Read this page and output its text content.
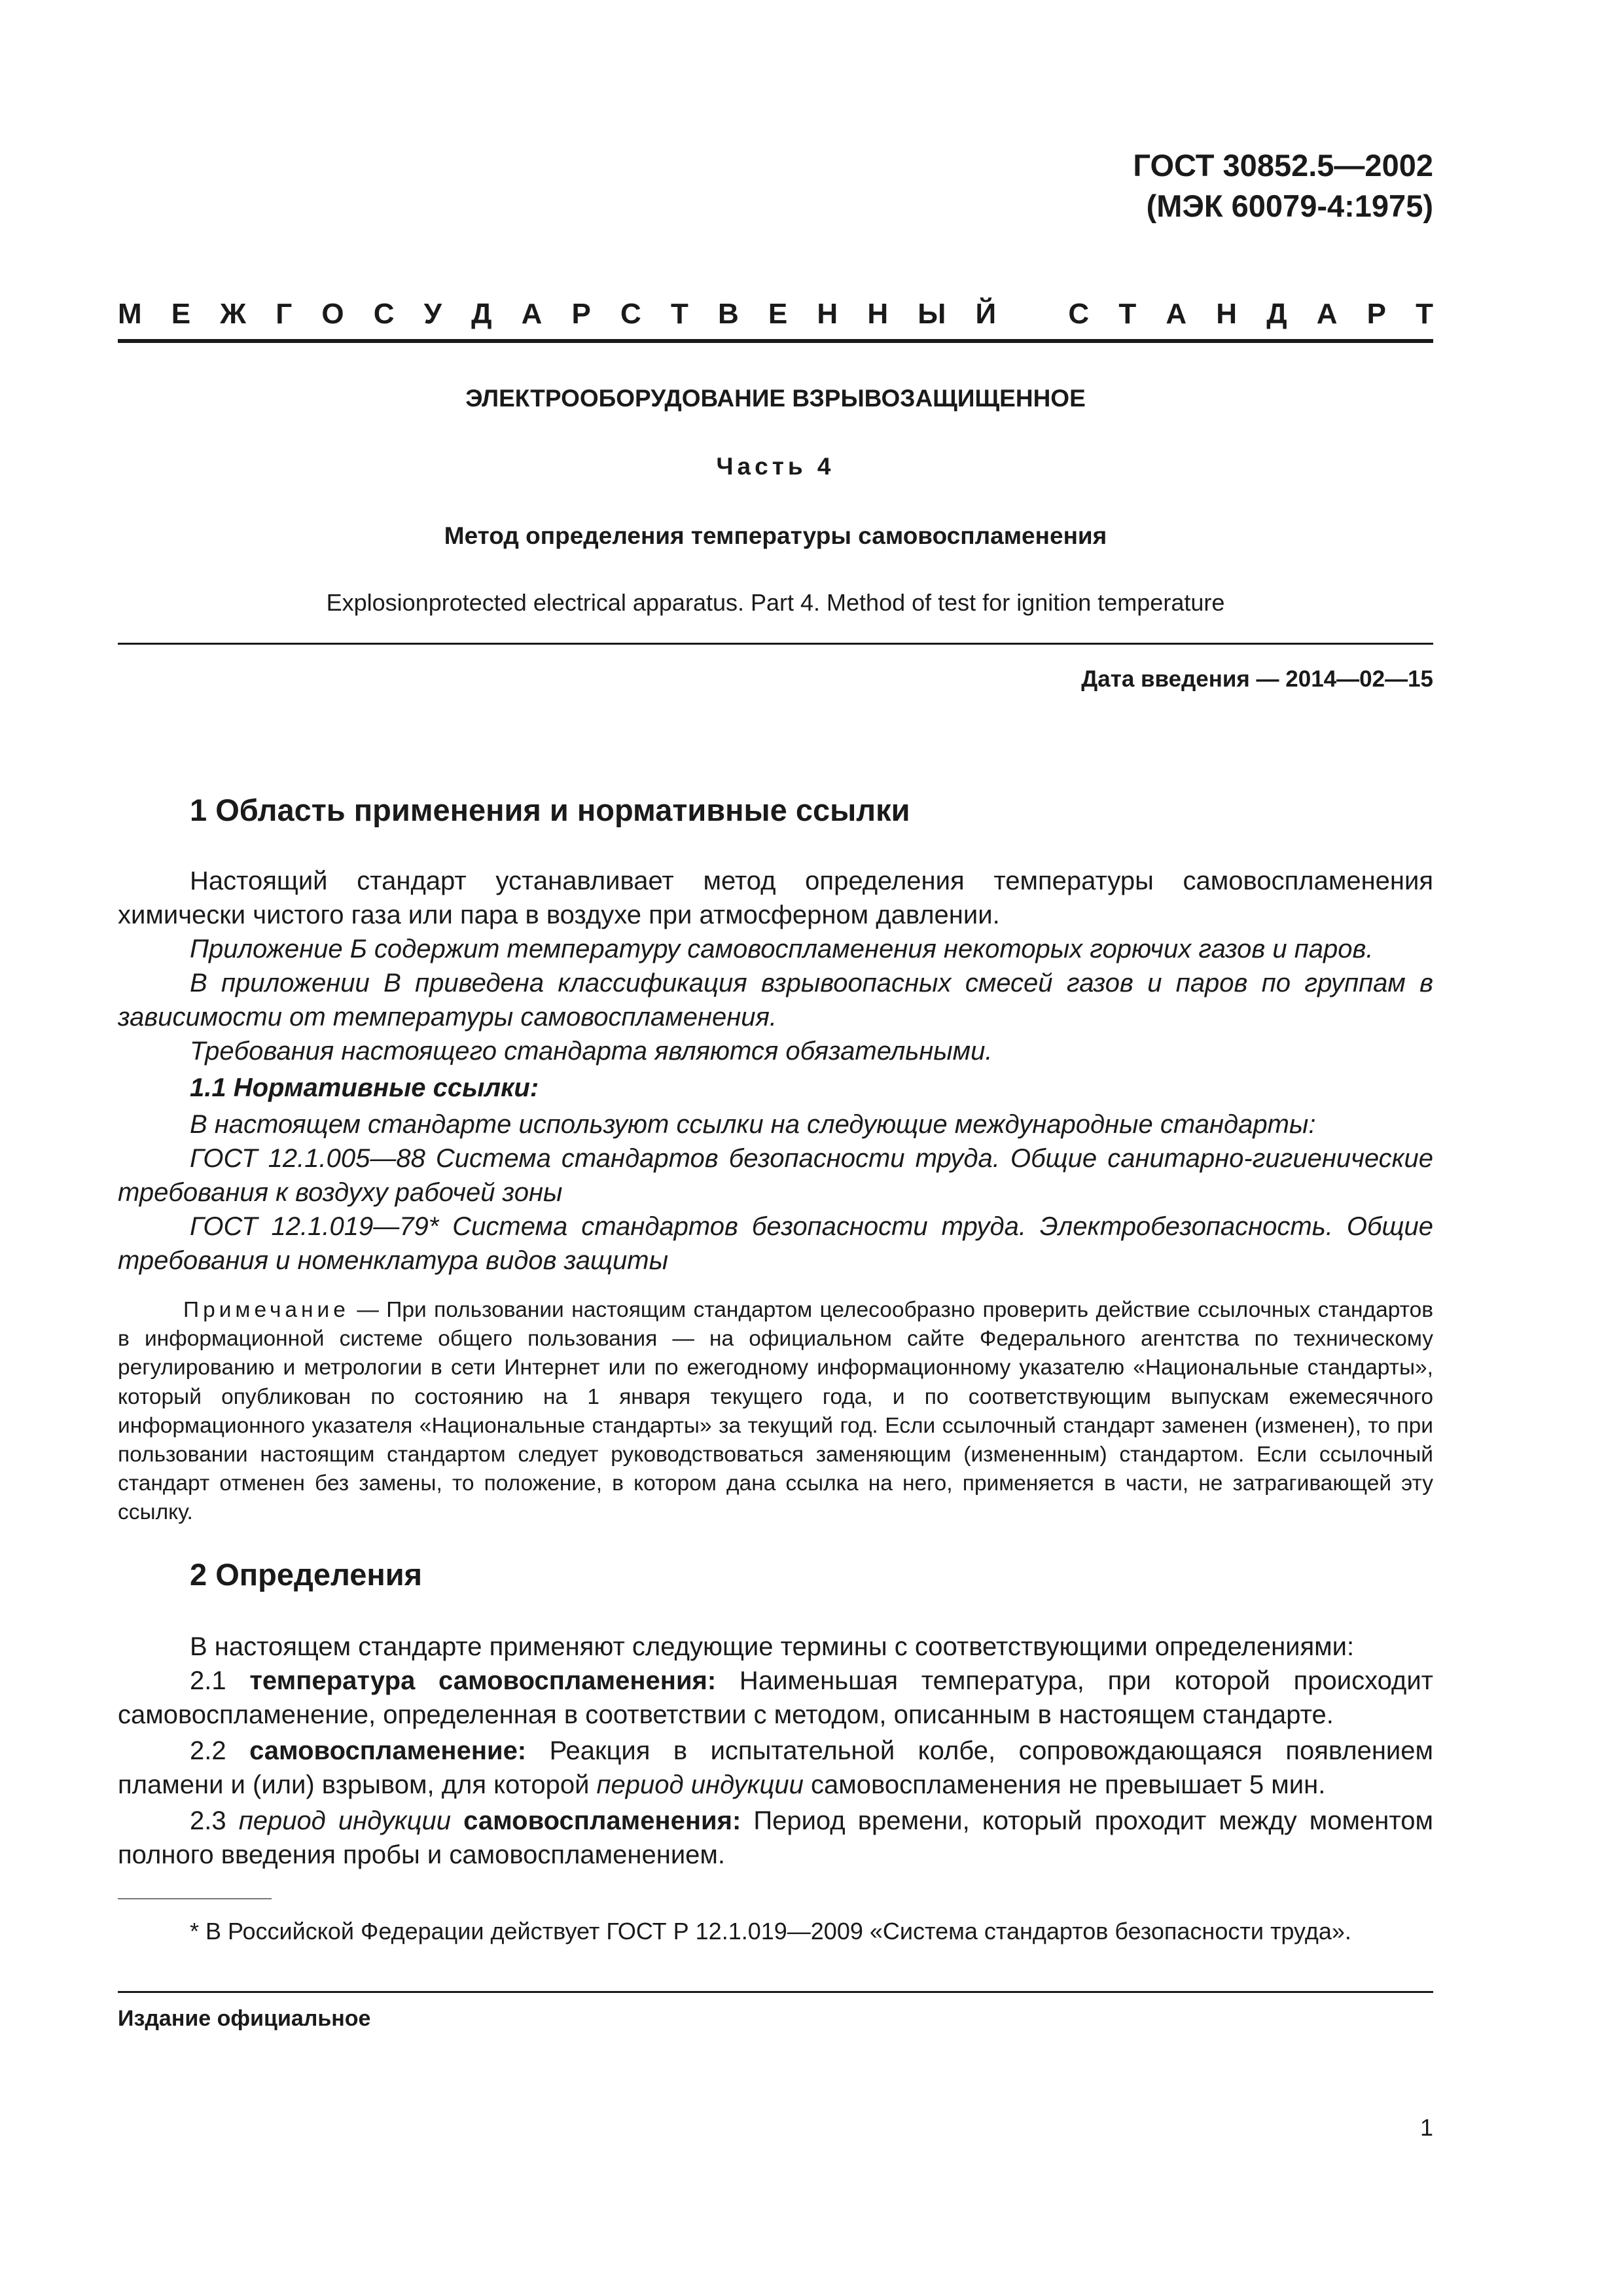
ГОСТ 30852.5—2002
(МЭК 60079-4:1975)
М Е Ж Г О С У Д А Р С Т В Е Н Н Ы Й	С Т А Н Д А Р Т
ЭЛЕКТРООБОРУДОВАНИЕ ВЗРЫВОЗАЩИЩЕННОЕ
Часть 4
Метод определения температуры самовоспламенения
Explosionprotected electrical apparatus. Part 4. Method of test for ignition temperature
Дата введения — 2014—02—15
1 Область применения и нормативные ссылки
Настоящий стандарт устанавливает метод определения температуры самовоспламенения химически чистого газа или пара в воздухе при атмосферном давлении.
Приложение Б содержит температуру самовоспламенения некоторых горючих газов и паров.
В приложении В приведена классификация взрывоопасных смесей газов и паров по группам в зависимости от температуры самовоспламенения.
Требования настоящего стандарта являются обязательными.
1.1 Нормативные ссылки:
В настоящем стандарте используют ссылки на следующие международные стандарты:
ГОСТ 12.1.005—88 Система стандартов безопасности труда. Общие санитарно-гигиенические требования к воздуху рабочей зоны
ГОСТ 12.1.019—79* Система стандартов безопасности труда. Электробезопасность. Общие требования и номенклатура видов защиты
Примечание — При пользовании настоящим стандартом целесообразно проверить действие ссылочных стандартов в информационной системе общего пользования — на официальном сайте Федерального агентства по техническому регулированию и метрологии в сети Интернет или по ежегодному информационному указателю «Национальные стандарты», который опубликован по состоянию на 1 января текущего года, и по соответствующим выпускам ежемесячного информационного указателя «Национальные стандарты» за текущий год. Если ссылочный стандарт заменен (изменен), то при пользовании настоящим стандартом следует руководствоваться заменяющим (измененным) стандартом. Если ссылочный стандарт отменен без замены, то положение, в котором дана ссылка на него, применяется в части, не затрагивающей эту ссылку.
2 Определения
В настоящем стандарте применяют следующие термины с соответствующими определениями:
2.1 температура самовоспламенения: Наименьшая температура, при которой происходит самовоспламенение, определенная в соответствии с методом, описанным в настоящем стандарте.
2.2 самовоспламенение: Реакция в испытательной колбе, сопровождающаяся появлением пламени и (или) взрывом, для которой период индукции самовоспламенения не превышает 5 мин.
2.3 период индукции самовоспламенения: Период времени, который проходит между моментом полного введения пробы и самовоспламенением.
* В Российской Федерации действует ГОСТ Р 12.1.019—2009 «Система стандартов безопасности труда».
Издание официальное
1
